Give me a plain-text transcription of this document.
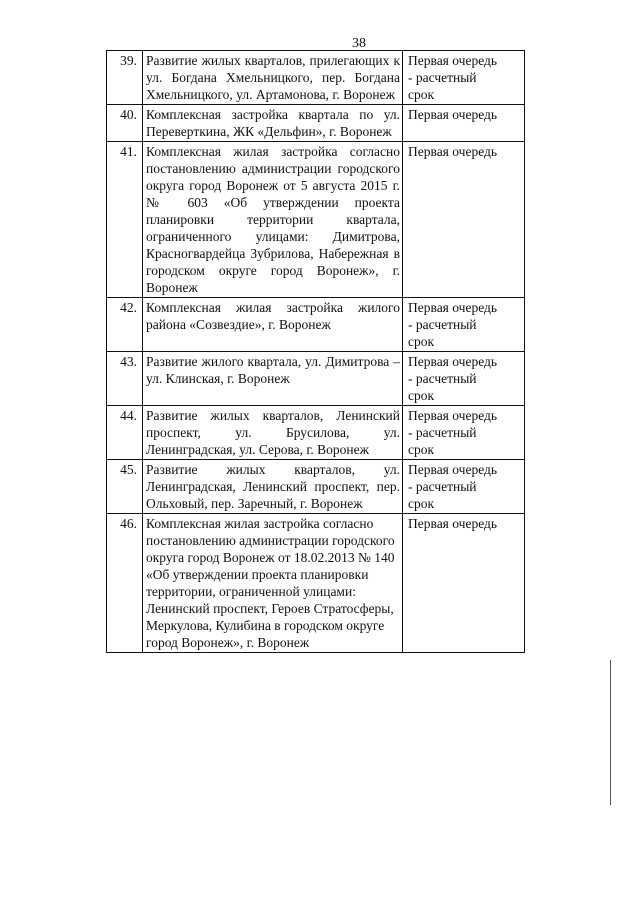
38
39.	Развитие жилых кварталов, прилегающих к ул. Богдана Хмельницкого, пер. Богдана Хмельницкого, ул. Артамонова, г. Воронеж	Первая очередь
- расчетный
срок

40.	Комплексная застройка квартала по ул. Переверткина, ЖК «Дельфин», г. Воронеж	Первая очередь

41.	Комплексная жилая застройка согласно постановлению администрации городского округа город Воронеж от 5 августа 2015 г. № 603 «Об утверждении проекта планировки территории квартала, ограниченного улицами: Димитрова, Красногвардейца Зубрилова, Набережная в городском округе город Воронеж», г. Воронеж	Первая очередь

42.	Комплексная жилая застройка жилого района «Созвездие», г. Воронеж	Первая очередь
- расчетный
срок

43.	Развитие жилого квартала, ул. Димитрова – ул. Клинская, г. Воронеж	Первая очередь
- расчетный
срок

44.	Развитие жилых кварталов, Ленинский проспект, ул. Брусилова, ул. Ленинградская, ул. Серова, г. Воронеж	Первая очередь
- расчетный
срок

45.	Развитие жилых кварталов, ул. Ленинградская, Ленинский проспект, пер. Ольховый, пер. Заречный, г. Воронеж	Первая очередь
- расчетный
срок

46.	Комплексная жилая застройка согласно постановлению администрации городского округа город Воронеж от 18.02.2013 № 140 «Об утверждении проекта планировки территории, ограниченной улицами: Ленинский проспект, Героев Стратосферы, Меркулова, Кулибина в городском округе город Воронеж», г. Воронеж	Первая очередь
